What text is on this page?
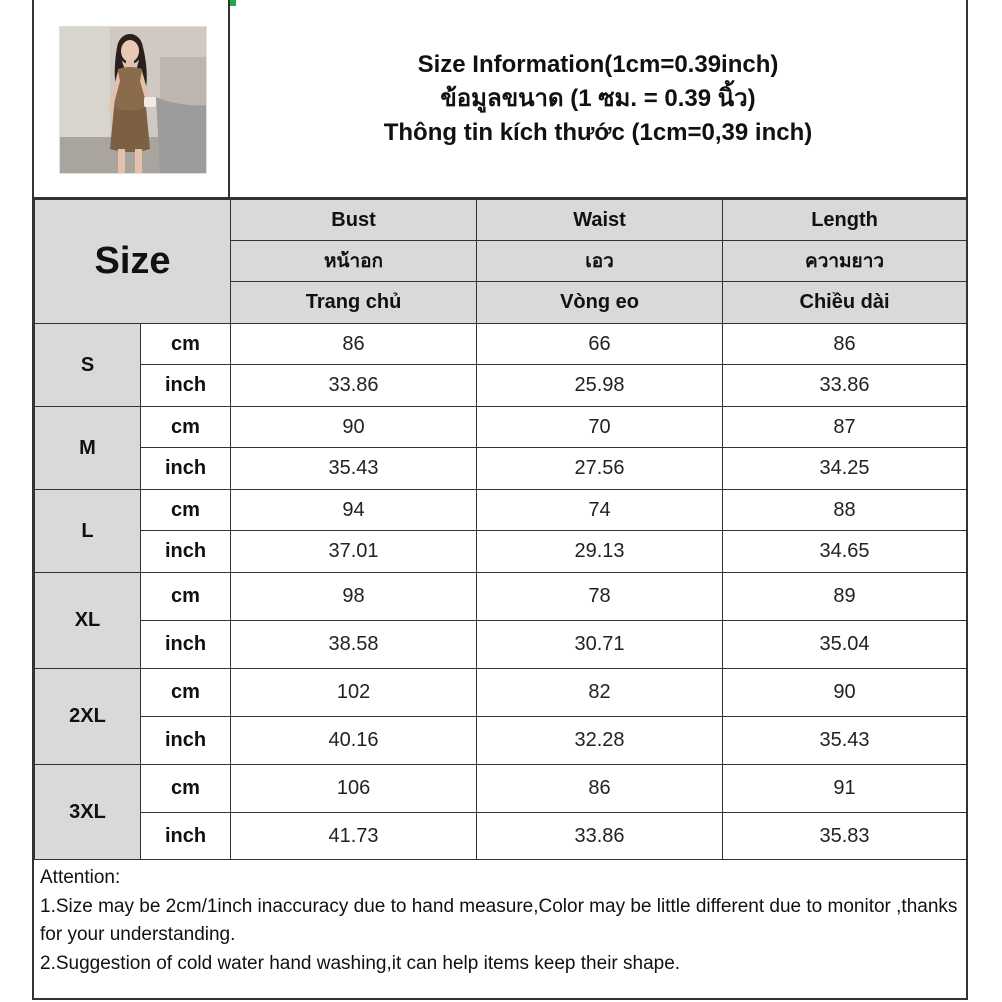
Size Information(1cm=0.39inch)
ข้อมูลขนาด (1 ซม. = 0.39 นิ้ว)
Thông tin kích thước (1cm=0,39 inch)
Size		Bust	Waist	Length
		หน้าอก	เอว	ความยาว
		Trang chủ	Vòng eo	Chiều dài
S	cm	86	66	86
	inch	33.86	25.98	33.86
M	cm	90	70	87
	inch	35.43	27.56	34.25
L	cm	94	74	88
	inch	37.01	29.13	34.65
XL	cm	98	78	89
	inch	38.58	30.71	35.04
2XL	cm	102	82	90
	inch	40.16	32.28	35.43
3XL	cm	106	86	91
	inch	41.73	33.86	35.83
Attention:
1.Size may be 2cm/1inch inaccuracy due to hand measure,Color may be little different due to monitor ,thanks for your understanding.
2.Suggestion of cold water hand washing,it can help items keep their shape.
